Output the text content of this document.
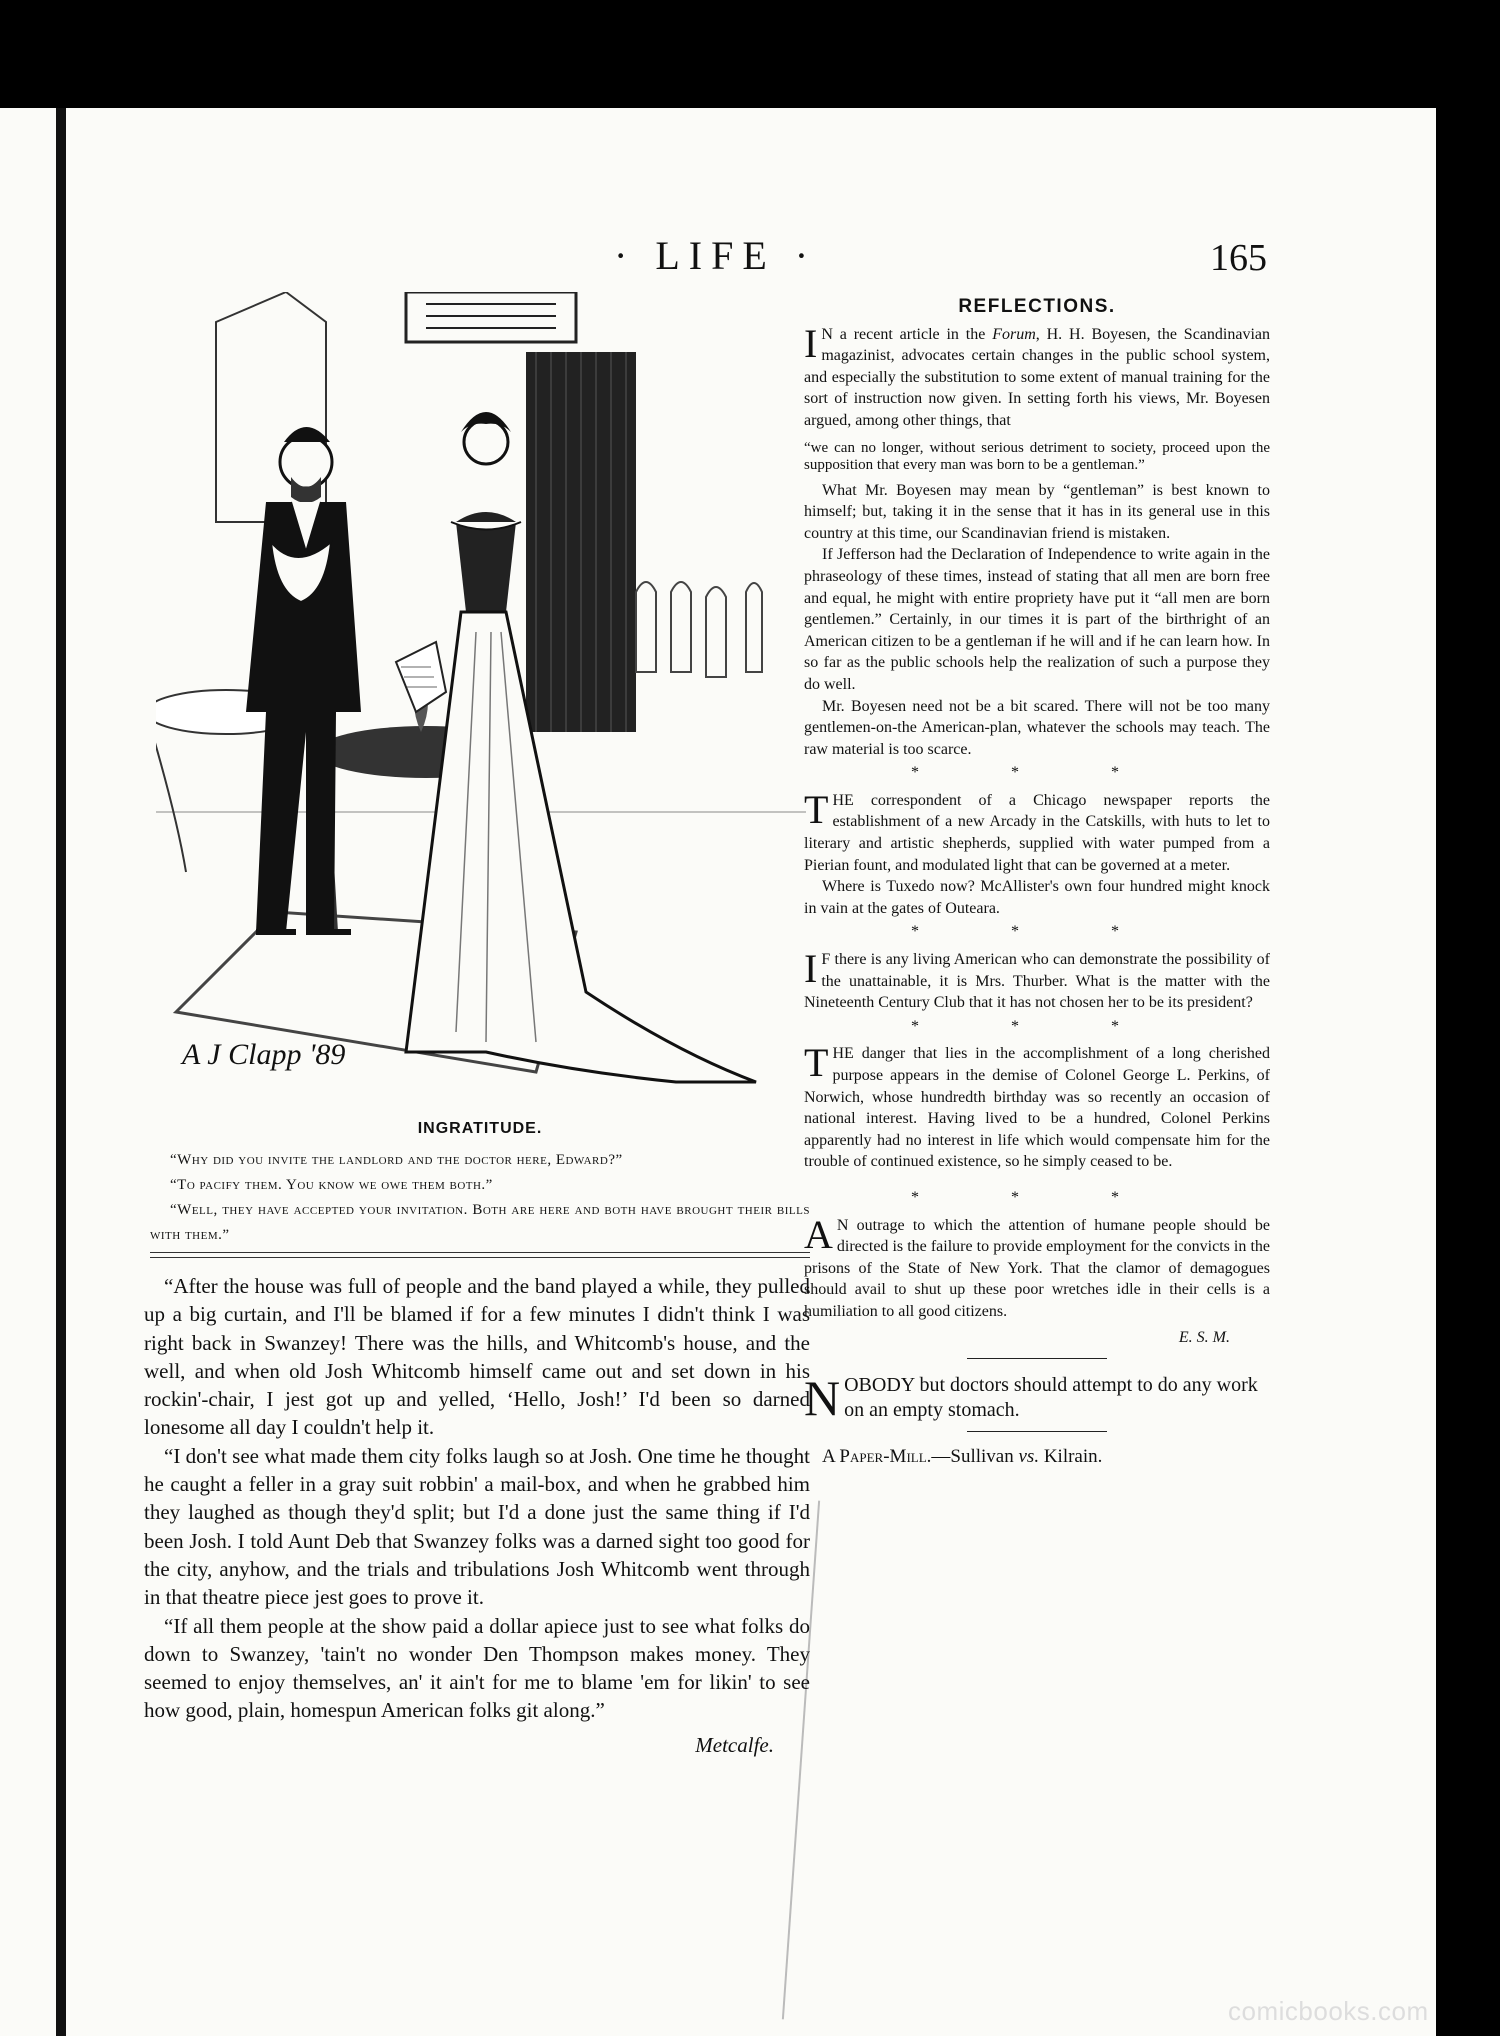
· LIFE ·	165
A J Clapp '89
INGRATITUDE.

“Why did you invite the landlord and the doctor here, Edward?”

“To pacify them. You know we owe them both.”

“Well, they have accepted your invitation. Both are here and both have brought their bills with them.”

“After the house was full of people and the band played a while, they pulled up a big curtain, and I'll be blamed if for a few minutes I didn't think I was right back in Swanzey! There was the hills, and Whitcomb's house, and the well, and when old Josh Whitcomb himself came out and set down in his rockin'-chair, I jest got up and yelled, ‘Hello, Josh!’ I'd been so darned lonesome all day I couldn't help it.

“I don't see what made them city folks laugh so at Josh. One time he thought he caught a feller in a gray suit robbin' a mail-box, and when he grabbed him they laughed as though they'd split; but I'd a done just the same thing if I'd been Josh. I told Aunt Deb that Swanzey folks was a darned sight too good for the city, anyhow, and the trials and tribulations Josh Whitcomb went through in that theatre piece jest goes to prove it.

“If all them people at the show paid a dollar apiece just to see what folks do down to Swanzey, 'tain't no wonder Den Thompson makes money. They seemed to enjoy themselves, an' it ain't for me to blame 'em for likin' to see how good, plain, homespun American folks git along.”

Metcalfe.
REFLECTIONS.

I N a recent article in the Forum, H. H. Boyesen, the Scandinavian magazinist, advocates certain changes in the public school system, and especially the substitution to some extent of manual training for the sort of instruction now given. In setting forth his views, Mr. Boyesen argued, among other things, that

“we can no longer, without serious detriment to society, proceed upon the supposition that every man was born to be a gentleman.”

What Mr. Boyesen may mean by “gentleman” is best known to himself; but, taking it in the sense that it has in its general use in this country at this time, our Scandinavian friend is mistaken.

If Jefferson had the Declaration of Independence to write again in the phraseology of these times, instead of stating that all men are born free and equal, he might with entire propriety have put it “all men are born gentlemen.” Certainly, in our times it is part of the birthright of an American citizen to be a gentleman if he will and if he can learn how. In so far as the public schools help the realization of such a purpose they do well.

Mr. Boyesen need not be a bit scared. There will not be too many gentlemen-on-the American-plan, whatever the schools may teach. The raw material is too scarce.

* * *

THE correspondent of a Chicago newspaper reports the establishment of a new Arcady in the Catskills, with huts to let to literary and artistic shepherds, supplied with water pumped from a Pierian fount, and modulated light that can be governed at a meter.

Where is Tuxedo now? McAllister's own four hundred might knock in vain at the gates of Outeara.

* * *

I F there is any living American who can demonstrate the possibility of the unattainable, it is Mrs. Thurber. What is the matter with the Nineteenth Century Club that it has not chosen her to be its president?

* * *

THE danger that lies in the accomplishment of a long cherished purpose appears in the demise of Colonel George L. Perkins, of Norwich, whose hundredth birthday was so recently an occasion of national interest. Having lived to be a hundred, Colonel Perkins apparently had no interest in life which would compensate him for the trouble of continued existence, so he simply ceased to be.

* * *

A N outrage to which the attention of humane people should be directed is the failure to provide employment for the convicts in the prisons of the State of New York. That the clamor of demagogues should avail to shut up these poor wretches idle in their cells is a humiliation to all good citizens.

E. S. M.

NOBODY but doctors should attempt to do any work on an empty stomach.

A Paper-Mill.—Sullivan vs. Kilrain.

comicbooks.com
